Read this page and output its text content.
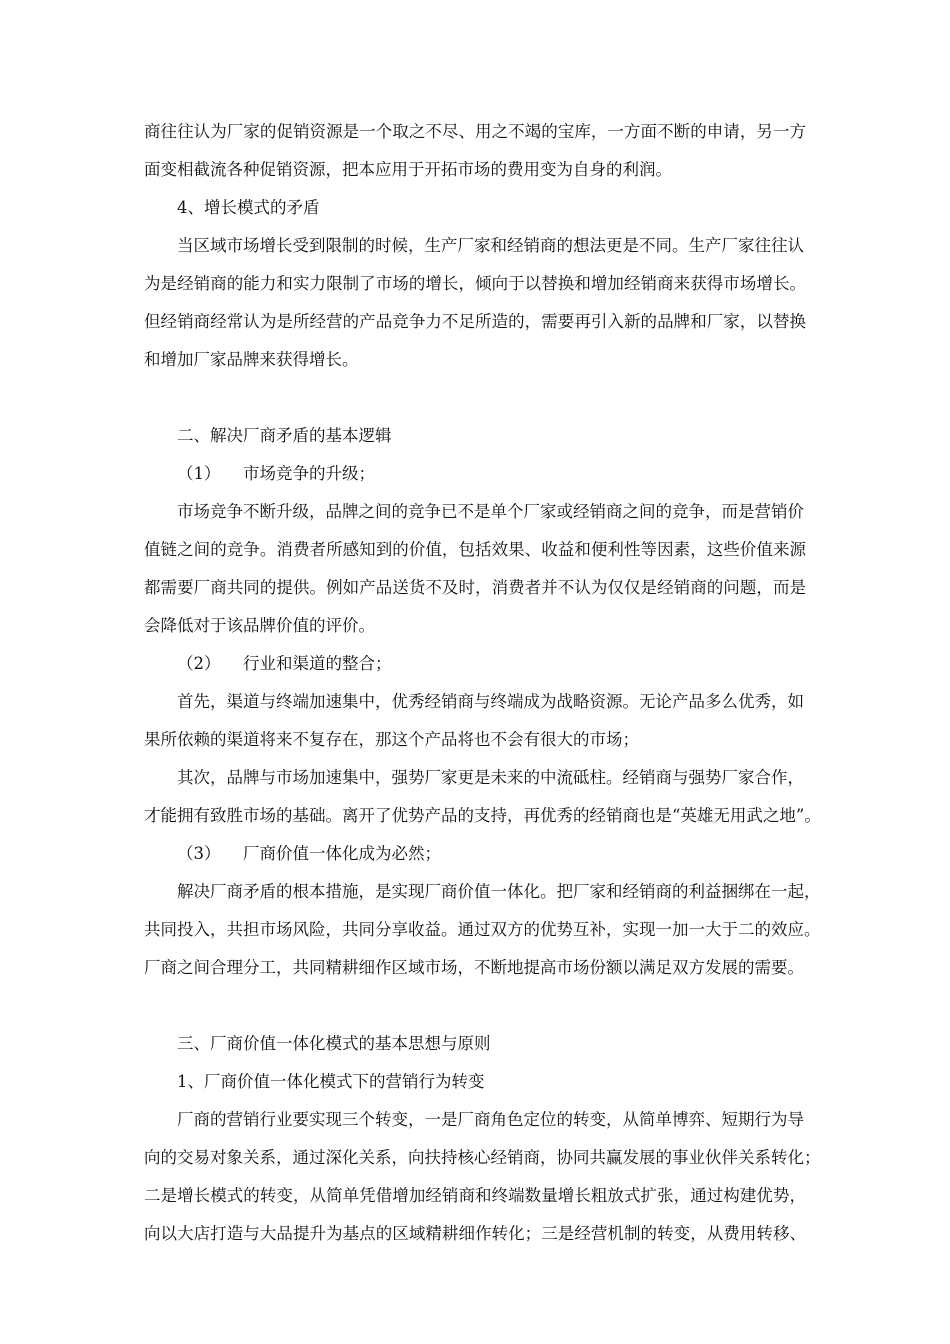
商往往认为厂家的促销资源是一个取之不尽、用之不竭的宝库，一方面不断的申请，另一方
面变相截流各种促销资源，把本应用于开拓市场的费用变为自身的利润。
4、增长模式的矛盾
当区域市场增长受到限制的时候，生产厂家和经销商的想法更是不同。生产厂家往往认
为是经销商的能力和实力限制了市场的增长，倾向于以替换和增加经销商来获得市场增长。
但经销商经常认为是所经营的产品竞争力不足所造的，需要再引入新的品牌和厂家，以替换
和增加厂家品牌来获得增长。
二、解决厂商矛盾的基本逻辑
（1） 市场竞争的升级；
市场竞争不断升级，品牌之间的竞争已不是单个厂家或经销商之间的竞争，而是营销价
值链之间的竞争。消费者所感知到的价值，包括效果、收益和便利性等因素，这些价值来源
都需要厂商共同的提供。例如产品送货不及时，消费者并不认为仅仅是经销商的问题，而是
会降低对于该品牌价值的评价。
（2） 行业和渠道的整合；
首先，渠道与终端加速集中，优秀经销商与终端成为战略资源。无论产品多么优秀，如
果所依赖的渠道将来不复存在，那这个产品将也不会有很大的市场；
其次，品牌与市场加速集中，强势厂家更是未来的中流砥柱。经销商与强势厂家合作，
才能拥有致胜市场的基础。离开了优势产品的支持，再优秀的经销商也是“英雄无用武之地”。
（3） 厂商价值一体化成为必然；
解决厂商矛盾的根本措施，是实现厂商价值一体化。把厂家和经销商的利益捆绑在一起，
共同投入，共担市场风险，共同分享收益。通过双方的优势互补，实现一加一大于二的效应。
厂商之间合理分工，共同精耕细作区域市场，不断地提高市场份额以满足双方发展的需要。
三、厂商价值一体化模式的基本思想与原则
1、厂商价值一体化模式下的营销行为转变
厂商的营销行业要实现三个转变，一是厂商角色定位的转变，从简单博弈、短期行为导
向的交易对象关系，通过深化关系，向扶持核心经销商，协同共赢发展的事业伙伴关系转化；
二是增长模式的转变，从简单凭借增加经销商和终端数量增长粗放式扩张，通过构建优势，
向以大店打造与大品提升为基点的区域精耕细作转化；三是经营机制的转变，从费用转移、
